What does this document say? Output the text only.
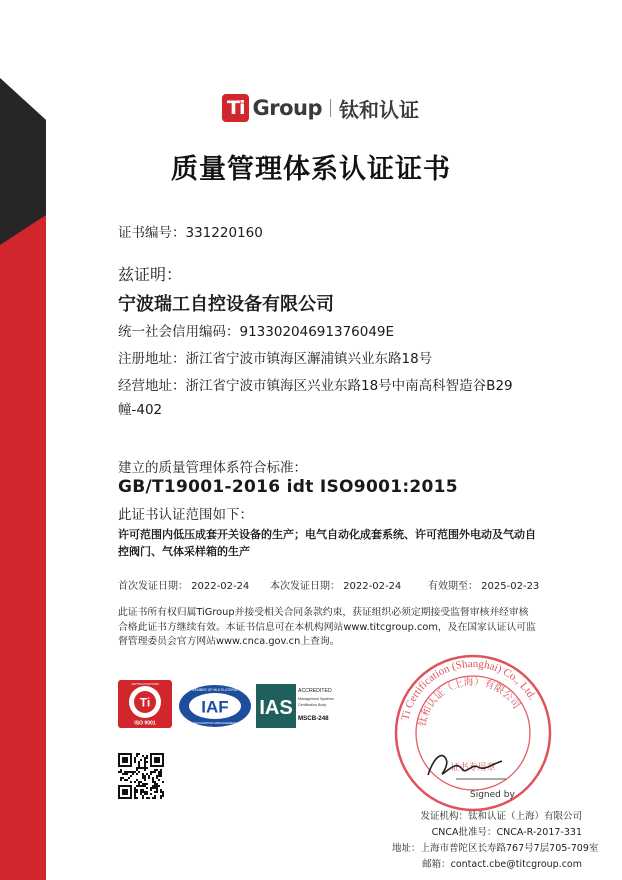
Ti Group 钛和认证
质量管理体系认证证书
证书编号：331220160
兹证明：
宁波瑞工自控设备有限公司
统一社会信用编码：91330204691376049E
注册地址：浙江省宁波市镇海区澥浦镇兴业东路18号
经营地址：浙江省宁波市镇海区兴业东路18号中南高科智造谷B29幢-402
建立的质量管理体系符合标准：
GB/T19001-2016 idt ISO9001:2015
此证书认证范围如下：
许可范围内低压成套开关设备的生产；电气自动化成套系统、许可范围外电动及气动自控阀门、气体采样箱的生产
首次发证日期： 2022-02-24 本次发证日期： 2022-02-24	有效期至： 2025-02-23
此证书所有权归属TiGroup并接受相关合同条款约束，获证组织必须定期接受监督审核并经审核合格此证书方继续有效。本证书信息可在本机构网站www.titcgroup.com，及在国家认证认可监督管理委员会官方网站www.cnca.gov.cn上查询。
Ti
CERTIFICATION MARK
ISO 9001
IAF
MEMBER OF MULTILATERAL
RECOGNITION ARRANGEMENT
IAS
ACCREDITED
Management Systems
Certification Body
MSCB-248	Ti Certification (Shanghai) Co., Ltd.
钛和认证（上海）有限公司
证书专用章
Signed by
发证机构：钛和认证（上海）有限公司
CNCA批准号：CNCA-R-2017-331
地址：上海市普陀区长寿路767号7层705-709室
邮箱：contact.cbe@titcgroup.com
